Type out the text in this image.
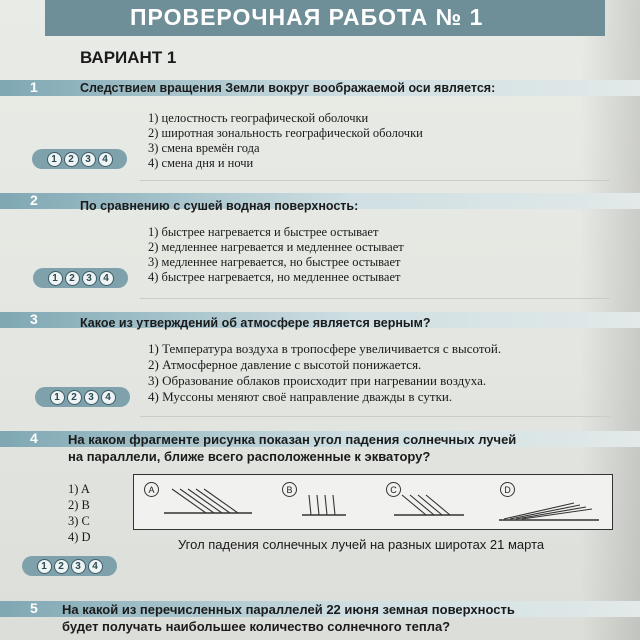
ПРОВЕРОЧНАЯ РАБОТА № 1
ВАРИАНТ 1
1	Следствием вращения Земли вокруг воображаемой оси является:
1) целостность географической оболочки
2) широтная зональность географической оболочки
3) смена времён года
4) смена дня и ночи
1	2	3	4
2	По сравнению с сушей водная поверхность:
1) быстрее нагревается и быстрее остывает
2) медленнее нагревается и медленнее остывает
3) медленнее нагревается, но быстрее остывает
4) быстрее нагревается, но медленнее остывает
1	2	3	4
3	Какое из утверждений об атмосфере является верным?
1) Температура воздуха в тропосфере увеличивается с высотой.
2) Атмосферное давление с высотой понижается.
3) Образование облаков происходит при нагревании воздуха.
4) Муссоны меняют своё направление дважды в сутки.
1	2	3	4
4 На каком фрагменте рисунка показан угол падения солнечных лучей
на параллели, ближе всего расположенные к экватору?
1) A
2) B
3) C
4) D
A	B	C	D
Угол падения солнечных лучей на разных широтах 21 марта
1	2	3	4
5 На какой из перечисленных параллелей 22 июня земная поверхность
будет получать наибольшее количество солнечного тепла?
